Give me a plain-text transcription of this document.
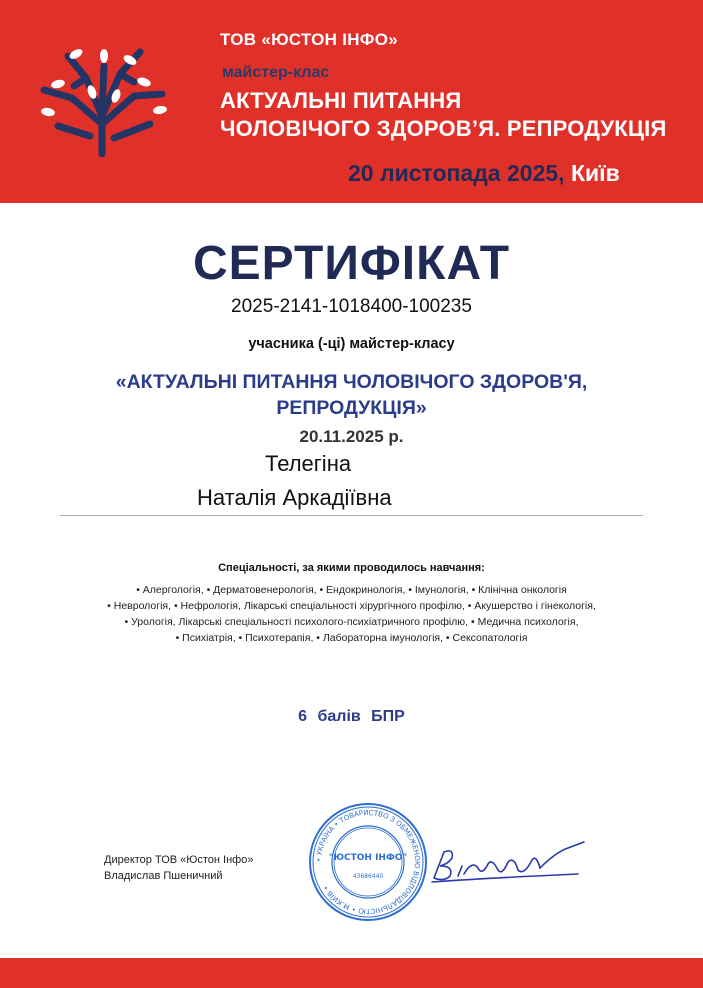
ТОВ «ЮСТОН ІНФО»
майстер-клас
АКТУАЛЬНІ ПИТАННЯ
ЧОЛОВІЧОГО ЗДОРОВ’Я. РЕПРОДУКЦІЯ
20 листопада 2025, Київ
СЕРТИФІКАТ
2025-2141-1018400-100235
учасника (-ці) майстер-класу
«АКТУАЛЬНІ ПИТАННЯ ЧОЛОВІЧОГО ЗДОРОВ'Я, РЕПРОДУКЦІЯ»
20.11.2025 р.
Телегіна
Наталія Аркадіївна
Спеціальності, за якими проводилось навчання:
• Алергологія, • Дерматовенерологія, • Ендокринологія, • Імунологія, • Клінічна онкологія
• Неврологія, • Нефрологія, Лікарські спеціальності хірургічного профілю, • Акушерство і гінекологія,
• Урологія, Лікарські спеціальності психолого-психіатричного профілю, • Медична психологія,
• Психіатрія, • Психотерапія, • Лабораторна імунологія, • Сексопатологія
6 балів БПР
Директор ТОВ «Юстон Інфо»
Владислав Пшеничний
• УКРАЇНА • ТОВАРИСТВО З ОБМЕЖЕНОЮ ВІДПОВІДАЛЬНІСТЮ • М.КИЇВ •
"ЮСТОН ІНФО"
43686440
